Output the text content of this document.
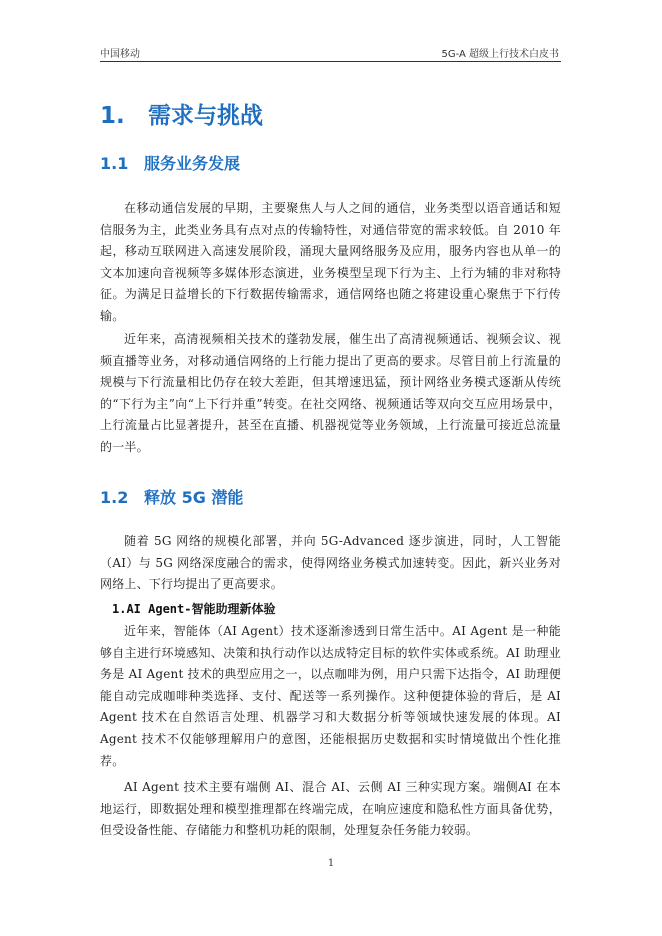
中国移动	5G-A 超级上行技术白皮书
1. 需求与挑战
1.1 服务业务发展

在移动通信发展的早期，主要聚焦人与人之间的通信，业务类型以语音通话和短信服务为主，此类业务具有点对点的传输特性，对通信带宽的需求较低。自 2010 年起，移动互联网进入高速发展阶段，涌现大量网络服务及应用，服务内容也从单一的文本加速向音视频等多媒体形态演进，业务模型呈现下行为主、上行为辅的非对称特征。为满足日益增长的下行数据传输需求，通信网络也随之将建设重心聚焦于下行传输。

近年来，高清视频相关技术的蓬勃发展，催生出了高清视频通话、视频会议、视频直播等业务，对移动通信网络的上行能力提出了更高的要求。尽管目前上行流量的规模与下行流量相比仍存在较大差距，但其增速迅猛，预计网络业务模式逐渐从传统的“下行为主”向“上下行并重”转变。在社交网络、视频通话等双向交互应用场景中，上行流量占比显著提升，甚至在直播、机器视觉等业务领域，上行流量可接近总流量的一半。

1.2 释放 5G 潜能

随着 5G 网络的规模化部署，并向 5G-Advanced 逐步演进，同时，人工智能（AI）与 5G 网络深度融合的需求，使得网络业务模式加速转变。因此，新兴业务对网络上、下行均提出了更高要求。

1.AI Agent-智能助理新体验

近年来，智能体（AI Agent）技术逐渐渗透到日常生活中。AI Agent 是一种能够自主进行环境感知、决策和执行动作以达成特定目标的软件实体或系统。AI 助理业务是 AI Agent 技术的典型应用之一，以点咖啡为例，用户只需下达指令，AI 助理便能自动完成咖啡种类选择、支付、配送等一系列操作。这种便捷体验的背后，是 AI Agent 技术在自然语言处理、机器学习和大数据分析等领域快速发展的体现。AI Agent 技术不仅能够理解用户的意图，还能根据历史数据和实时情境做出个性化推荐。

AI Agent 技术主要有端侧 AI、混合 AI、云侧 AI 三种实现方案。端侧AI 在本地运行，即数据处理和模型推理都在终端完成，在响应速度和隐私性方面具备优势，但受设备性能、存储能力和整机功耗的限制，处理复杂任务能力较弱。

1
